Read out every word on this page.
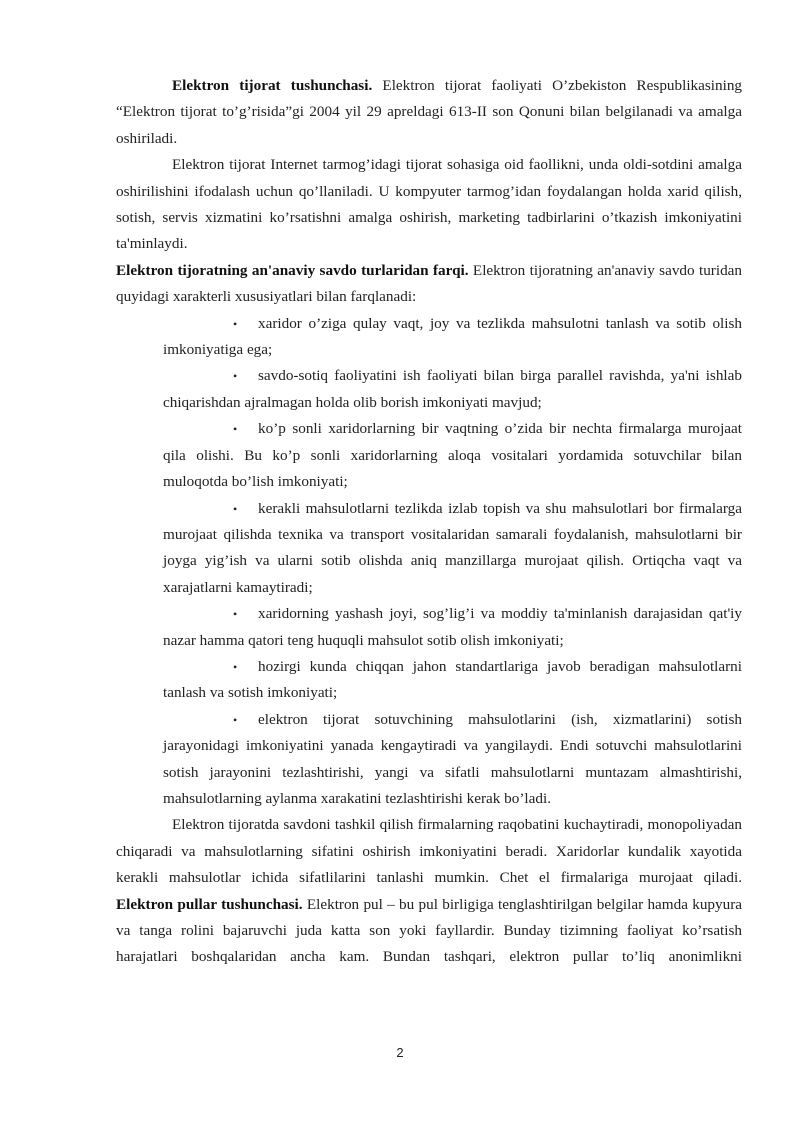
Elektron tijorat tushunchasi. Elektron tijorat faoliyati O’zbekiston Respublikasining “Elektron tijorat to’g’risida”gi 2004 yil 29 apreldagi 613-II son Qonuni bilan belgilanadi va amalga oshiriladi.

Elektron tijorat Internet tarmog’idagi tijorat sohasiga oid faollikni, unda oldi-sotdini amalga oshirilishini ifodalash uchun qo’llaniladi. U kompyuter tarmog’idan foydalangan holda xarid qilish, sotish, servis xizmatini ko’rsatishni amalga oshirish, marketing tadbirlarini o’tkazish imkoniyatini ta'minlaydi.

Elektron tijoratning an'anaviy savdo turlaridan farqi. Elektron tijoratning an'anaviy savdo turidan quyidagi xarakterli xususiyatlari bilan farqlanadi:

• xaridor o’ziga qulay vaqt, joy va tezlikda mahsulotni tanlash va sotib olish imkoniyatiga ega;

• savdo-sotiq faoliyatini ish faoliyati bilan birga parallel ravishda, ya'ni ishlab chiqarishdan ajralmagan holda olib borish imkoniyati mavjud;

• ko’p sonli xaridorlarning bir vaqtning o’zida bir nechta firmalarga murojaat qila olishi. Bu ko’p sonli xaridorlarning aloqa vositalari yordamida sotuvchilar bilan muloqotda bo’lish imkoniyati;

• kerakli mahsulotlarni tezlikda izlab topish va shu mahsulotlari bor firmalarga murojaat qilishda texnika va transport vositalaridan samarali foydalanish, mahsulotlarni bir joyga yig’ish va ularni sotib olishda aniq manzillarga murojaat qilish. Ortiqcha vaqt va xarajatlarni kamaytiradi;

• xaridorning yashash joyi, sog’lig’i va moddiy ta'minlanish darajasidan qat'iy nazar hamma qatori teng huquqli mahsulot sotib olish imkoniyati;

• hozirgi kunda chiqqan jahon standartlariga javob beradigan mahsulotlarni tanlash va sotish imkoniyati;

• elektron tijorat sotuvchining mahsulotlarini (ish, xizmatlarini) sotish jarayonidagi imkoniyatini yanada kengaytiradi va yangilaydi. Endi sotuvchi mahsulotlarini sotish jarayonini tezlashtirishi, yangi va sifatli mahsulotlarni muntazam almashtirishi, mahsulotlarning aylanma xarakatini tezlashtirishi kerak bo’ladi.

Elektron tijoratda savdoni tashkil qilish firmalarning raqobatini kuchaytiradi, monopoliyadan chiqaradi va mahsulotlarning sifatini oshirish imkoniyatini beradi. Xaridorlar kundalik xayotida kerakli mahsulotlar ichida sifatlilarini tanlashi mumkin. Chet el firmalariga murojaat qiladi.

Elektron pullar tushunchasi. Elektron pul – bu pul birligiga tenglashtirilgan belgilar hamda kupyura va tanga rolini bajaruvchi juda katta son yoki fayllardir. Bunday tizimning faoliyat ko’rsatish harajatlari boshqalaridan ancha kam. Bundan tashqari, elektron pullar to’liq anonimlikni

2
